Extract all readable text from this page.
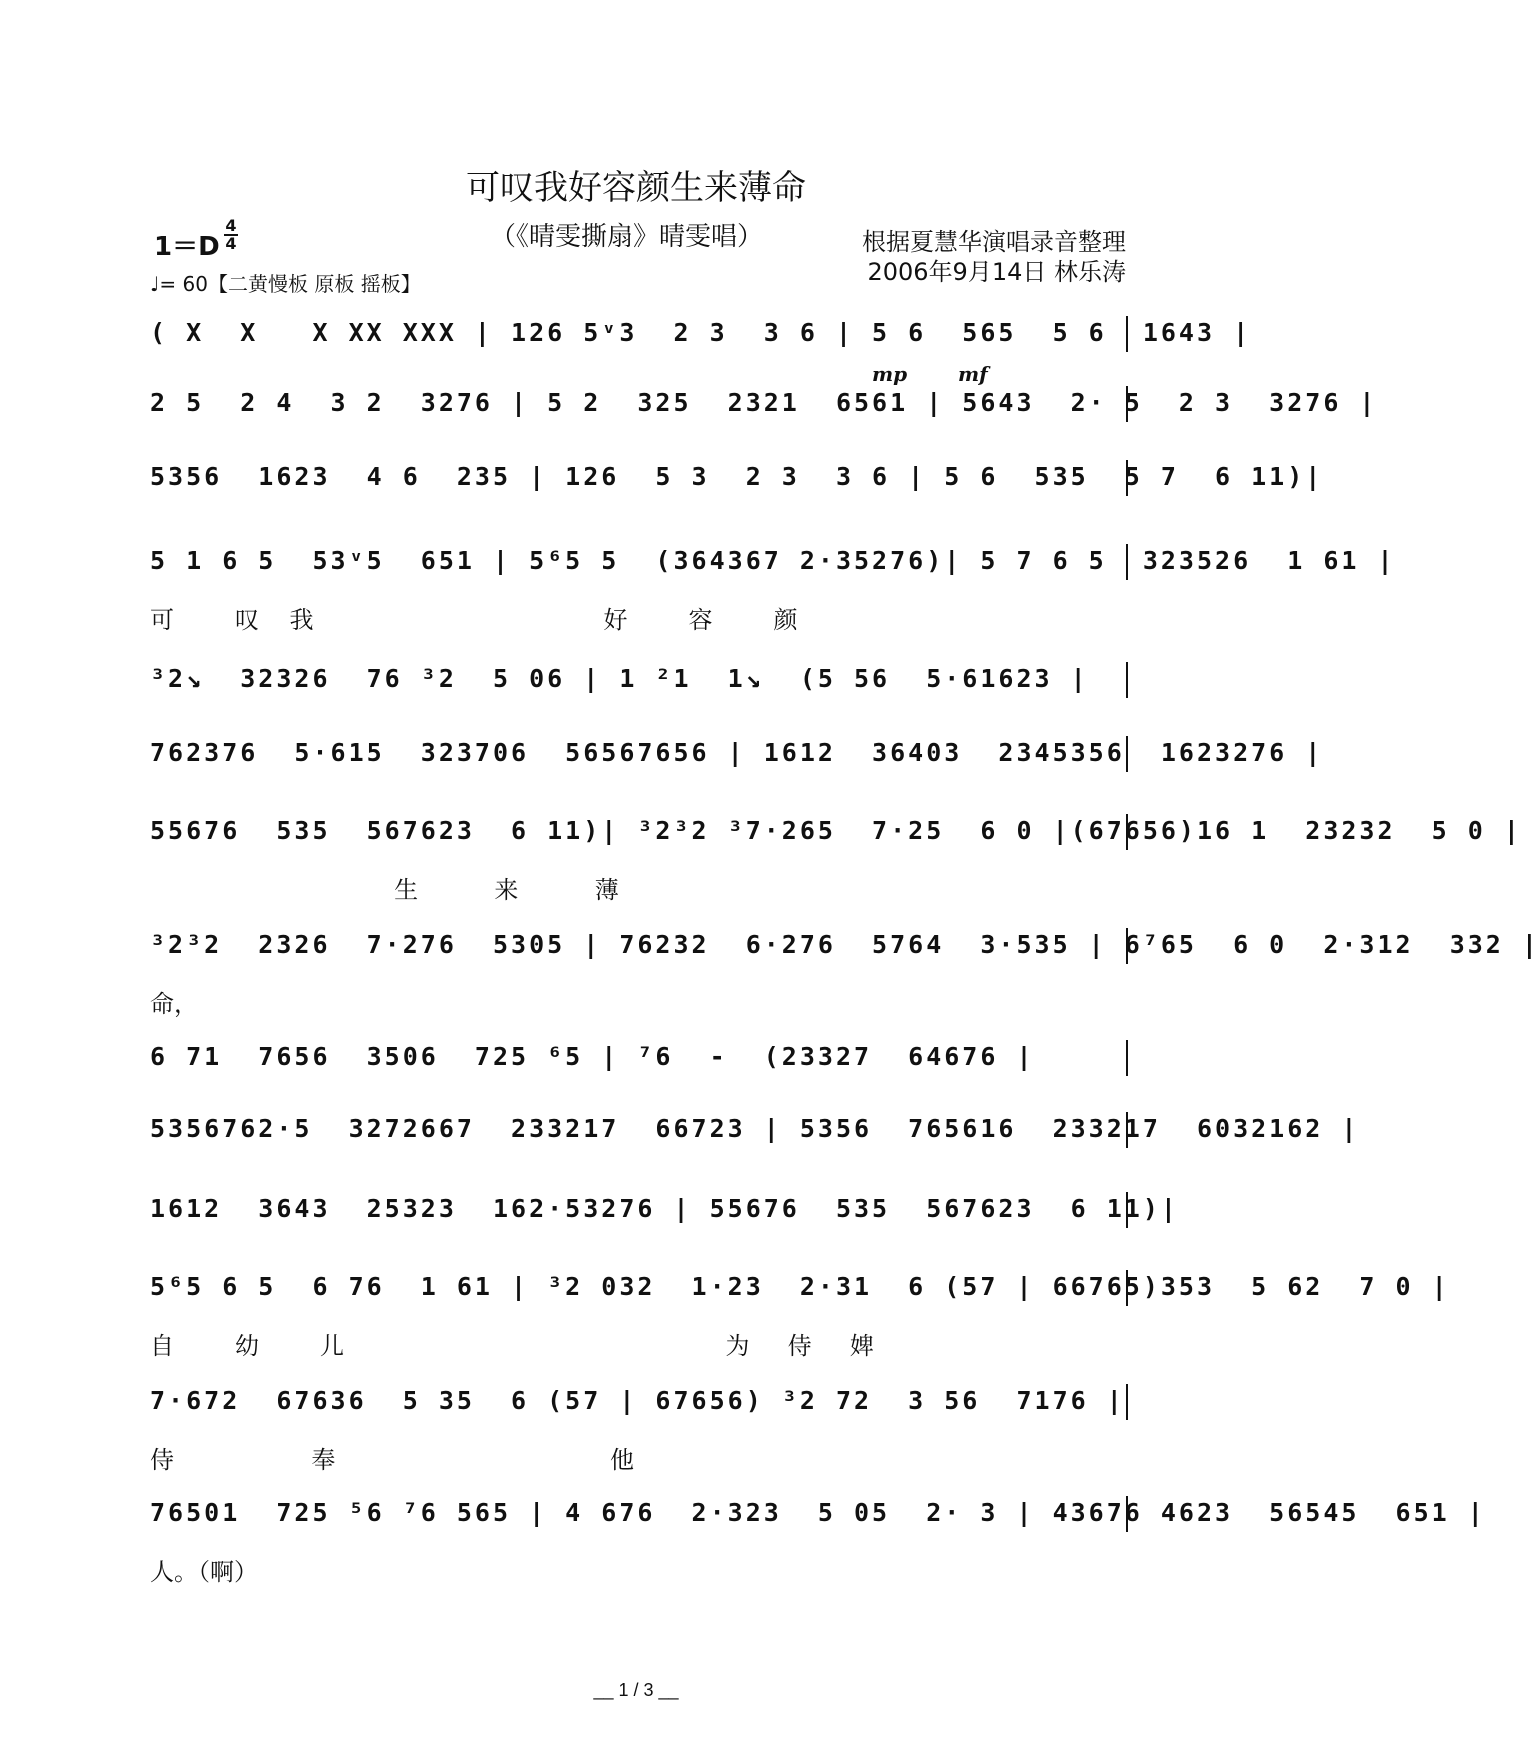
可叹我好容颜生来薄命
（《晴雯撕扇》晴雯唱）	根据夏慧华演唱录音整理
2006年9月14日 林乐涛
1＝D
4
4
♩= 60【二黄慢板 原板 摇板】
mp	mf
( X  X   X XX XXX | 126 5ᵛ3  2 3  3 6 | 5 6  565  5 6  1643 |
2 5  2 4  3 2  3276 | 5 2  325  2321  6561 | 5643  2· 5  2 3  3276 |
5356  1623  4 6  235 | 126  5 3  2 3  3 6 | 5 6  535  5 7  6 11)|
5 1 6 5  53ᵛ5  651 | 5⁶5 5  (364367 2·35276)| 5 7 6 5  323526  1 61 |
可        叹    我                                      好        容        颜
³2↘  32326  76 ³2  5 06 | 1 ²1  1↘  (5 56  5·61623 |
762376  5·615  323706  56567656 | 1612  36403  2345356  1623276 |
55676  535  567623  6 11)| ³2³2 ³7·265  7·25  6 0 |(67656)16 1  23232  5 0 |
生          来          薄
³2³2  2326  7·276  5305 | 76232  6·276  5764  3·535 | 6⁷65  6 0  2·312  332 |
命，
6 71  7656  3506  725 ⁶5 | ⁷6  -  (23327  64676 |
5356762·5  3272667  233217  66723 | 5356  765616  233217  6032162 |
1612  3643  25323  162·53276 | 55676  535  567623  6 11)|
5⁶5 6 5  6 76  1 61 | ³2 032  1·23  2·31  6 (57 | 66765)353  5 62  7 0 |
自        幼        儿                                                  为     侍     婢
7·672  67636  5 35  6 (57 | 67656) ³2 72  3 56  7176 |
侍                  奉                                    他
76501  725 ⁵6 ⁷6 565 | 4 676  2·323  5 05  2· 3 | 43676 4623  56545  651 |
人。（啊）
__ 1 / 3 __
